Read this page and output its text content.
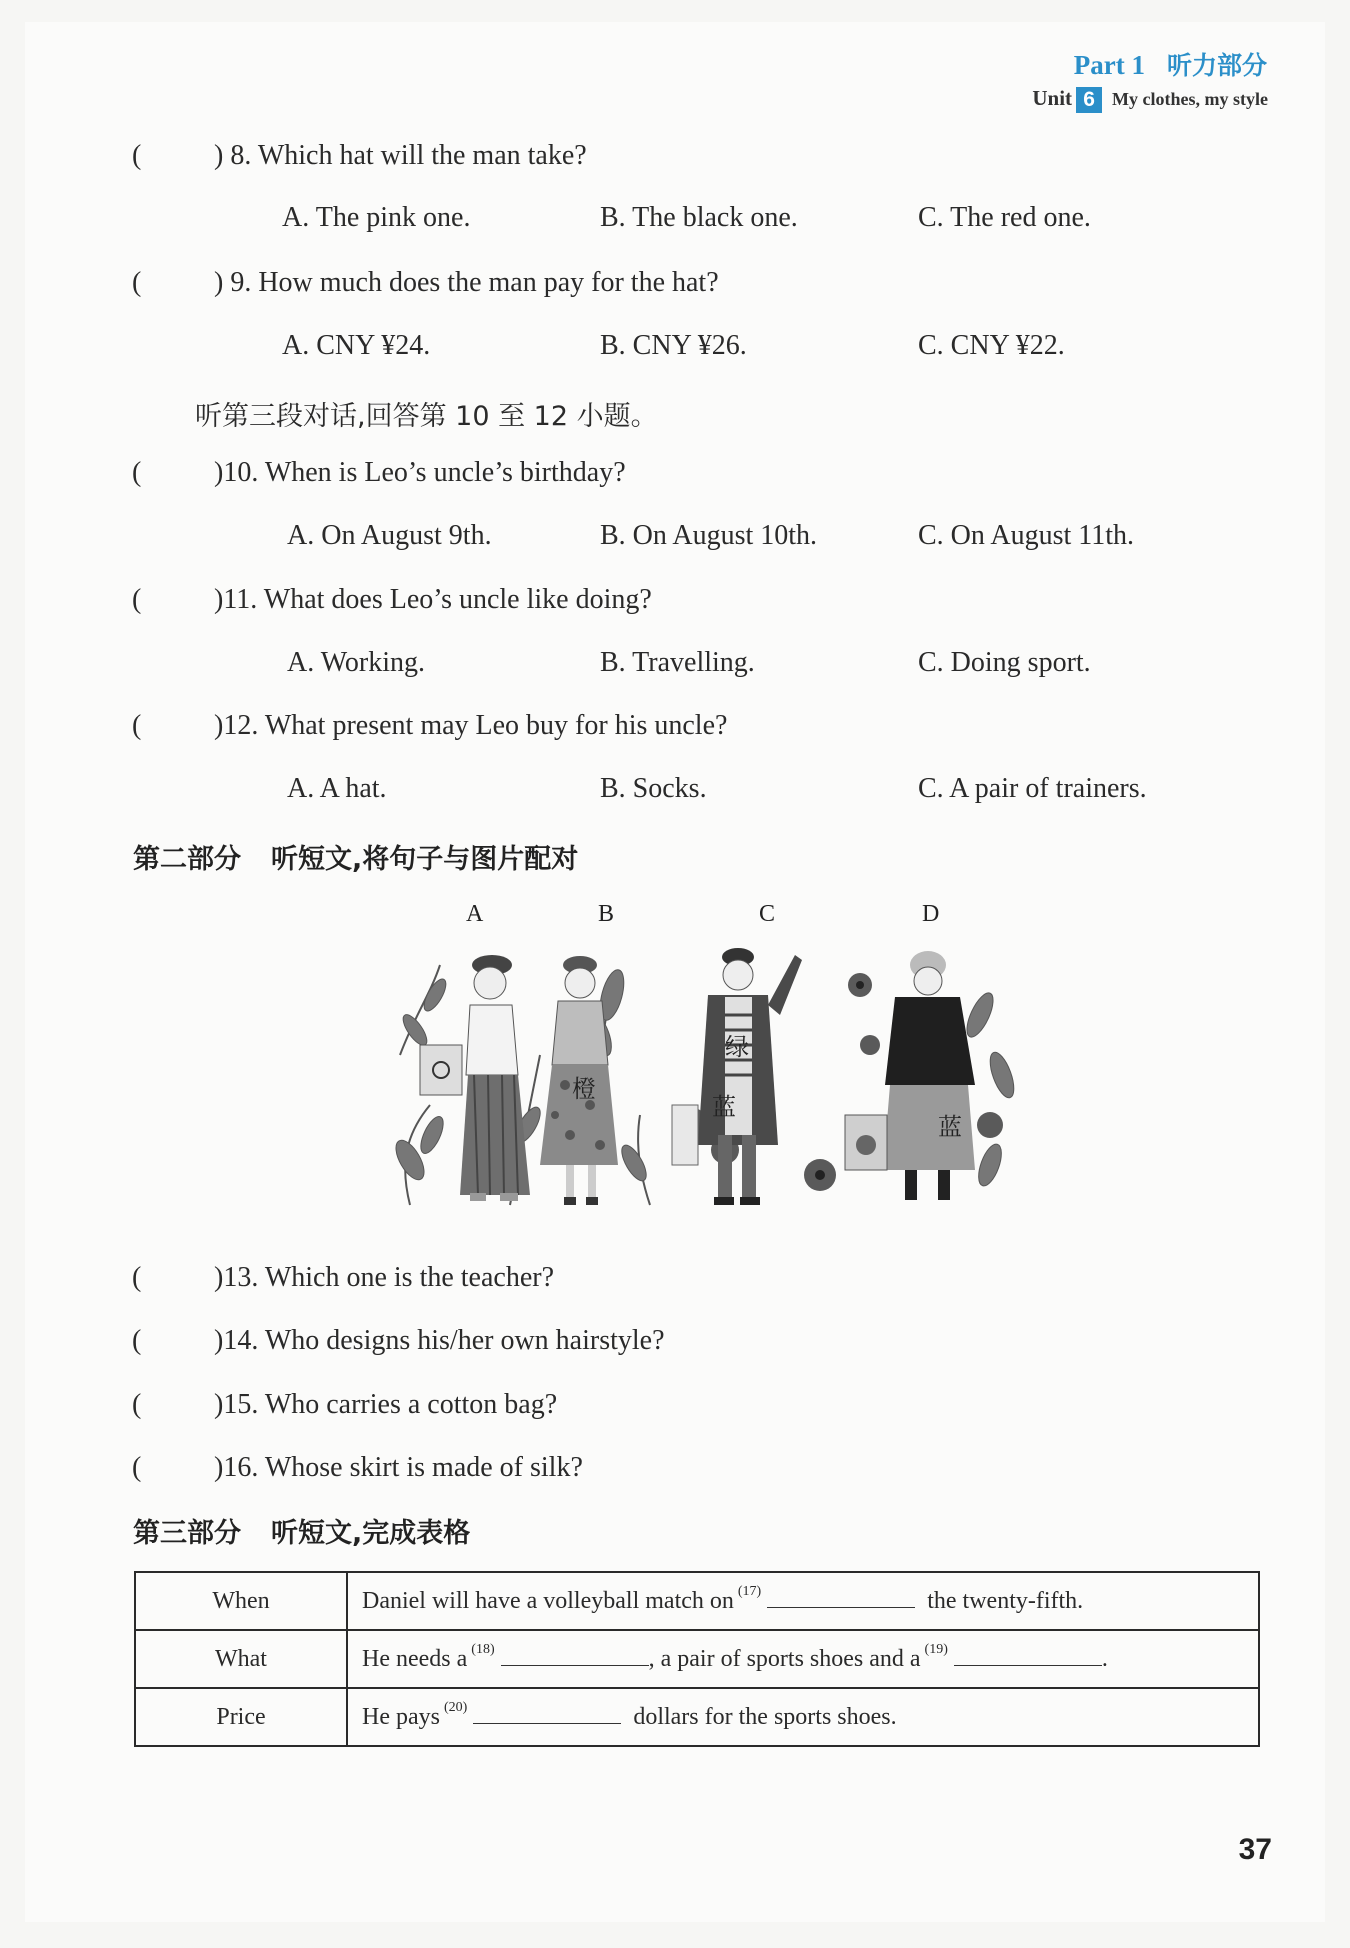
Part 1 听力部分
Unit 6 My clothes, my style
(	) 8. Which hat will the man take?
A. The pink one.	B. The black one.	C. The red one.
(	) 9. How much does the man pay for the hat?
A. CNY ¥24.	B. CNY ¥26.	C. CNY ¥22.
听第三段对话,回答第 10 至 12 小题。
(	)10. When is Leo’s uncle’s birthday?
A. On August 9th.	B. On August 10th.	C. On August 11th.
(	)11. What does Leo’s uncle like doing?
A. Working.	B. Travelling.	C. Doing sport.
(	)12. What present may Leo buy for his uncle?
A. A hat.	B. Socks.	C. A pair of trainers.
第二部分 听短文,将句子与图片配对
A	B	C	D
橙
绿
蓝
蓝
(	)13. Which one is the teacher?
(	)14. Who designs his/her own hairstyle?
(	)15. Who carries a cotton bag?
(	)16. Whose skirt is made of silk?
第三部分 听短文,完成表格
When	Daniel will have a volleyball match on $^{(17)}$ the twenty-fifth.
What	He needs a $^{(18)}$ , a pair of sports shoes and a $^{(19)}$ .
Price	He pays $^{(20)}$ dollars for the sports shoes.
37
